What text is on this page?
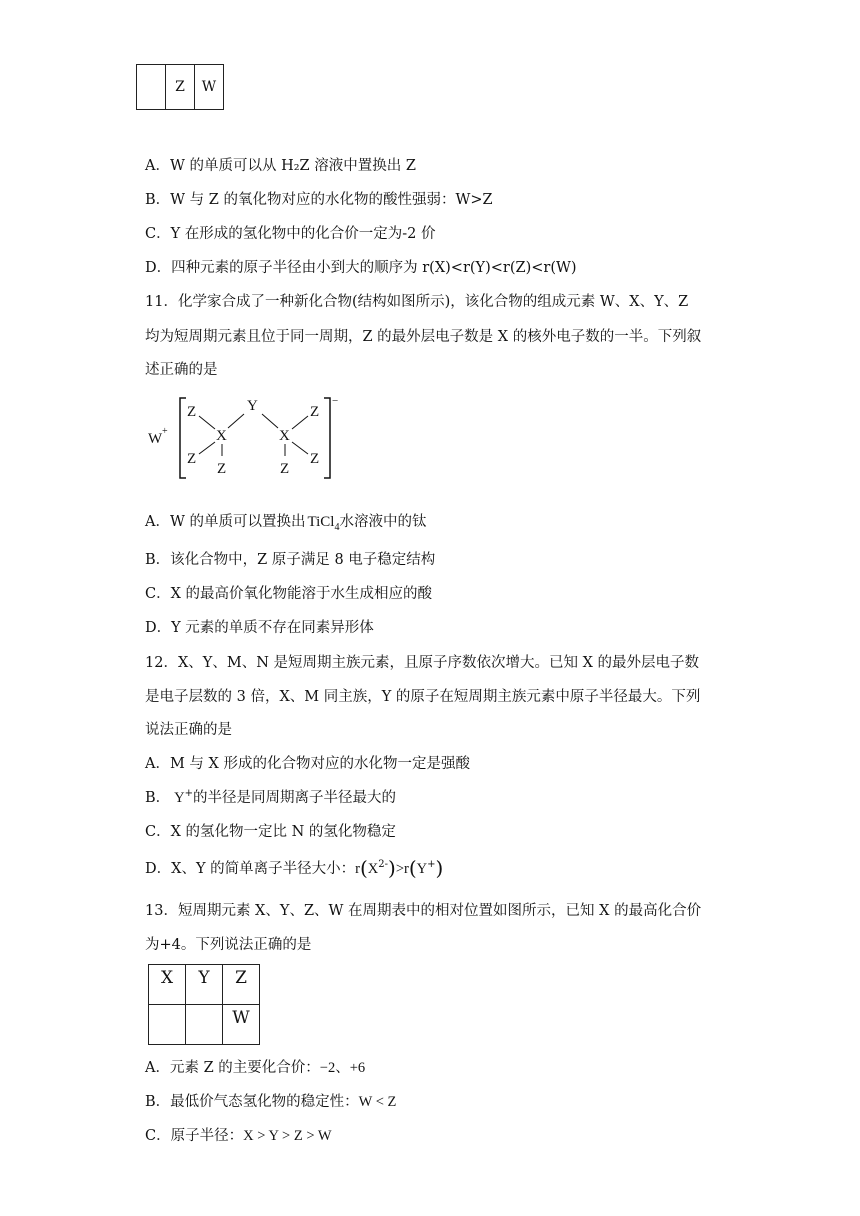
	Z	W
A．W 的单质可以从 H₂Z 溶液中置换出 Z
B．W 与 Z 的氧化物对应的水化物的酸性强弱：W>Z
C．Y 在形成的氢化物中的化合价一定为-2 价
D．四种元素的原子半径由小到大的顺序为 r(X)<r(Y)<r(Z)<r(W)
11．化学家合成了一种新化合物(结构如图所示)，该化合物的组成元素 W、X、Y、Z
均为短周期元素且位于同一周期，Z 的最外层电子数是 X 的核外电子数的一半。下列叙
述正确的是
W +
−
Z
X
Z
Z
Y
X
Z
Z
Z
A．W 的单质可以置换出 TiCl$_4$水溶液中的钛
B．该化合物中，Z 原子满足 8 电子稳定结构
C．X 的最高价氧化物能溶于水生成相应的酸
D．Y 元素的单质不存在同素异形体
12．X、Y、M、N 是短周期主族元素，且原子序数依次增大。已知 X 的最外层电子数
是电子层数的 3 倍，X、M 同主族，Y 的原子在短周期主族元素中原子半径最大。下列
说法正确的是
A．M 与 X 形成的化合物对应的水化物一定是强酸
B． Y+的半径是同周期离子半径最大的
C．X 的氢化物一定比 N 的氢化物稳定
D．X、Y 的简单离子半径大小：$r(X^{2-})>r(Y^+)$
13．短周期元素 X、Y、Z、W 在周期表中的相对位置如图所示，已知 X 的最高化合价
为+4。下列说法正确的是
X	Y	Z
		W
A．元素 Z 的主要化合价：−2、+6
B．最低价气态氢化物的稳定性：W < Z
C．原子半径：X > Y > Z > W
